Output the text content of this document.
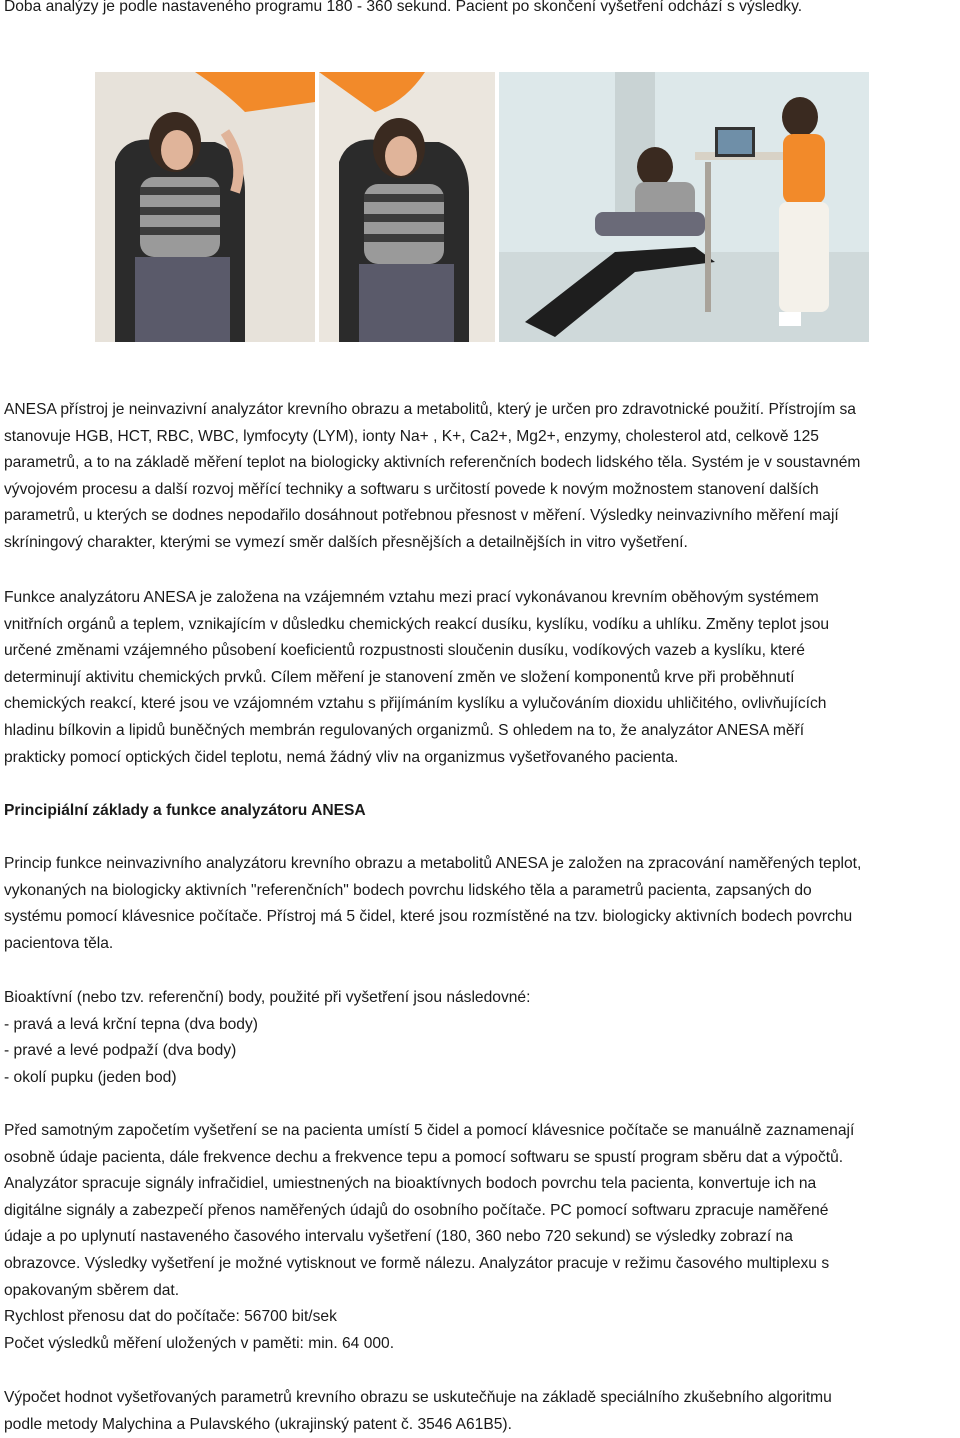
Doba analýzy je podle nastaveného programu 180 - 360 sekund. Pacient po skončení vyšetření odchází s výsledky.

ANESA přístroj je neinvazivní analyzátor krevního obrazu a metabolitů, který je určen pro zdravotnické použití. Přístrojím sa
stanovuje HGB, HCT, RBC, WBC, lymfocyty (LYM), ionty Na+ , K+, Ca2+, Mg2+, enzymy, cholesterol atd, celkově 125
parametrů, a to na základě měření teplot na biologicky aktivních referenčních bodech lidského těla. Systém je v soustavném
vývojovém procesu a další rozvoj měřící techniky a softwaru s určitostí povede k novým možnostem stanovení dalších
parametrů, u kterých se dodnes nepodařilo dosáhnout potřebnou přesnost v měření. Výsledky neinvazivního měření mají
skríningový charakter, kterými se vymezí směr dalších přesnějších a detailnějších in vitro vyšetření.

Funkce analyzátoru ANESA je založena na vzájemném vztahu mezi prací vykonávanou krevním oběhovým systémem
vnitřních orgánů a teplem, vznikajícím v důsledku chemických reakcí dusíku, kyslíku, vodíku a uhlíku. Změny teplot jsou
určené změnami vzájemného působení koeficientů rozpustnosti sloučenin dusíku, vodíkových vazeb a kyslíku, které
determinují aktivitu chemických prvků. Cílem měření je stanovení změn ve složení komponentů krve při proběhnutí
chemických reakcí, které jsou ve vzájomném vztahu s přijímáním kyslíku a vylučováním dioxidu uhličitého, ovlivňujících
hladinu bílkovin a lipidů buněčných membrán regulovaných organizmů. S ohledem na to, že analyzátor ANESA měří
prakticky pomocí optických čidel teplotu, nemá žádný vliv na organizmus vyšetřovaného pacienta.

Principiální základy a funkce analyzátoru ANESA

Princip funkce neinvazivního analyzátoru krevního obrazu a metabolitů ANESA je založen na zpracování naměřených teplot,
vykonaných na biologicky aktivních "referenčních" bodech povrchu lidského těla a parametrů pacienta, zapsaných do
systému pomocí klávesnice počítače. Přístroj má 5 čidel, které jsou rozmístěné na tzv. biologicky aktivních bodech povrchu
pacientova těla.

Bioaktívní (nebo tzv. referenční) body, použité při vyšetření jsou následovné:
- pravá a levá krční tepna (dva body)
- pravé a levé podpaží (dva body)
- okolí pupku (jeden bod)

Před samotným započetím vyšetření se na pacienta umístí 5 čidel a pomocí klávesnice počítače se manuálně zaznamenají
osobně údaje pacienta, dále frekvence dechu a frekvence tepu a pomocí softwaru se spustí program sběru dat a výpočtů.
Analyzátor spracuje signály infračidiel, umiestnených na bioaktívnych bodoch povrchu tela pacienta, konvertuje ich na
digitálne signály a zabezpečí přenos naměřených údajů do osobního počítače. PC pomocí softwaru zpracuje naměřené
údaje a po uplynutí nastaveného časového intervalu vyšetření (180, 360 nebo 720 sekund) se výsledky zobrazí na
obrazovce. Výsledky vyšetření je možné vytisknout ve formě nálezu. Analyzátor pracuje v režimu časového multiplexu s
opakovaným sběrem dat.
Rychlost přenosu dat do počítače: 56700 bit/sek
Počet výsledků měření uložených v paměti: min. 64 000.

Výpočet hodnot vyšetřovaných parametrů krevního obrazu se uskutečňuje na základě speciálního zkušebního algoritmu
podle metody Malychina a Pulavského (ukrajinský patent č. 3546 A61B5).
